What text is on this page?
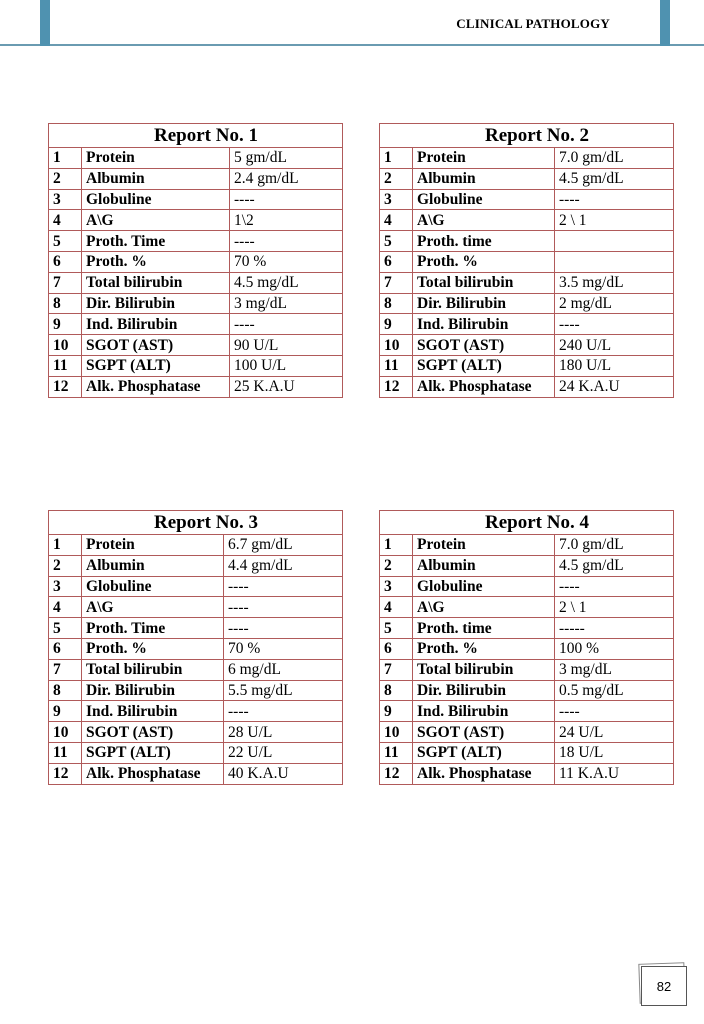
CLINICAL PATHOLOGY
Report No. 1		
1	Protein	5 gm/dL
2	Albumin	2.4 gm/dL
3	Globuline	----
4	A\G	1\2
5	Proth. Time	----
6	Proth. %	70 %
7	Total bilirubin	4.5 mg/dL
8	Dir. Bilirubin	3 mg/dL
9	Ind. Bilirubin	----
10	SGOT (AST)	90 U/L
11	SGPT (ALT)	100 U/L
12	Alk. Phosphatase	25 K.A.U
Report No. 2		
1	Protein	7.0 gm/dL
2	Albumin	4.5 gm/dL
3	Globuline	----
4	A\G	2 \ 1
5	Proth. time	
6	Proth. %	
7	Total bilirubin	3.5 mg/dL
8	Dir. Bilirubin	2 mg/dL
9	Ind. Bilirubin	----
10	SGOT (AST)	240 U/L
11	SGPT (ALT)	180 U/L
12	Alk. Phosphatase	24 K.A.U
Report No. 3		
1	Protein	6.7 gm/dL
2	Albumin	4.4 gm/dL
3	Globuline	----
4	A\G	----
5	Proth. Time	----
6	Proth. %	70 %
7	Total bilirubin	6 mg/dL
8	Dir. Bilirubin	5.5 mg/dL
9	Ind. Bilirubin	----
10	SGOT (AST)	28 U/L
11	SGPT (ALT)	22 U/L
12	Alk. Phosphatase	40 K.A.U
Report No. 4		
1	Protein	7.0 gm/dL
2	Albumin	4.5 gm/dL
3	Globuline	----
4	A\G	2 \ 1
5	Proth. time	-----
6	Proth. %	100 %
7	Total bilirubin	3 mg/dL
8	Dir. Bilirubin	0.5 mg/dL
9	Ind. Bilirubin	----
10	SGOT (AST)	24 U/L
11	SGPT (ALT)	18 U/L
12	Alk. Phosphatase	11 K.A.U
82
